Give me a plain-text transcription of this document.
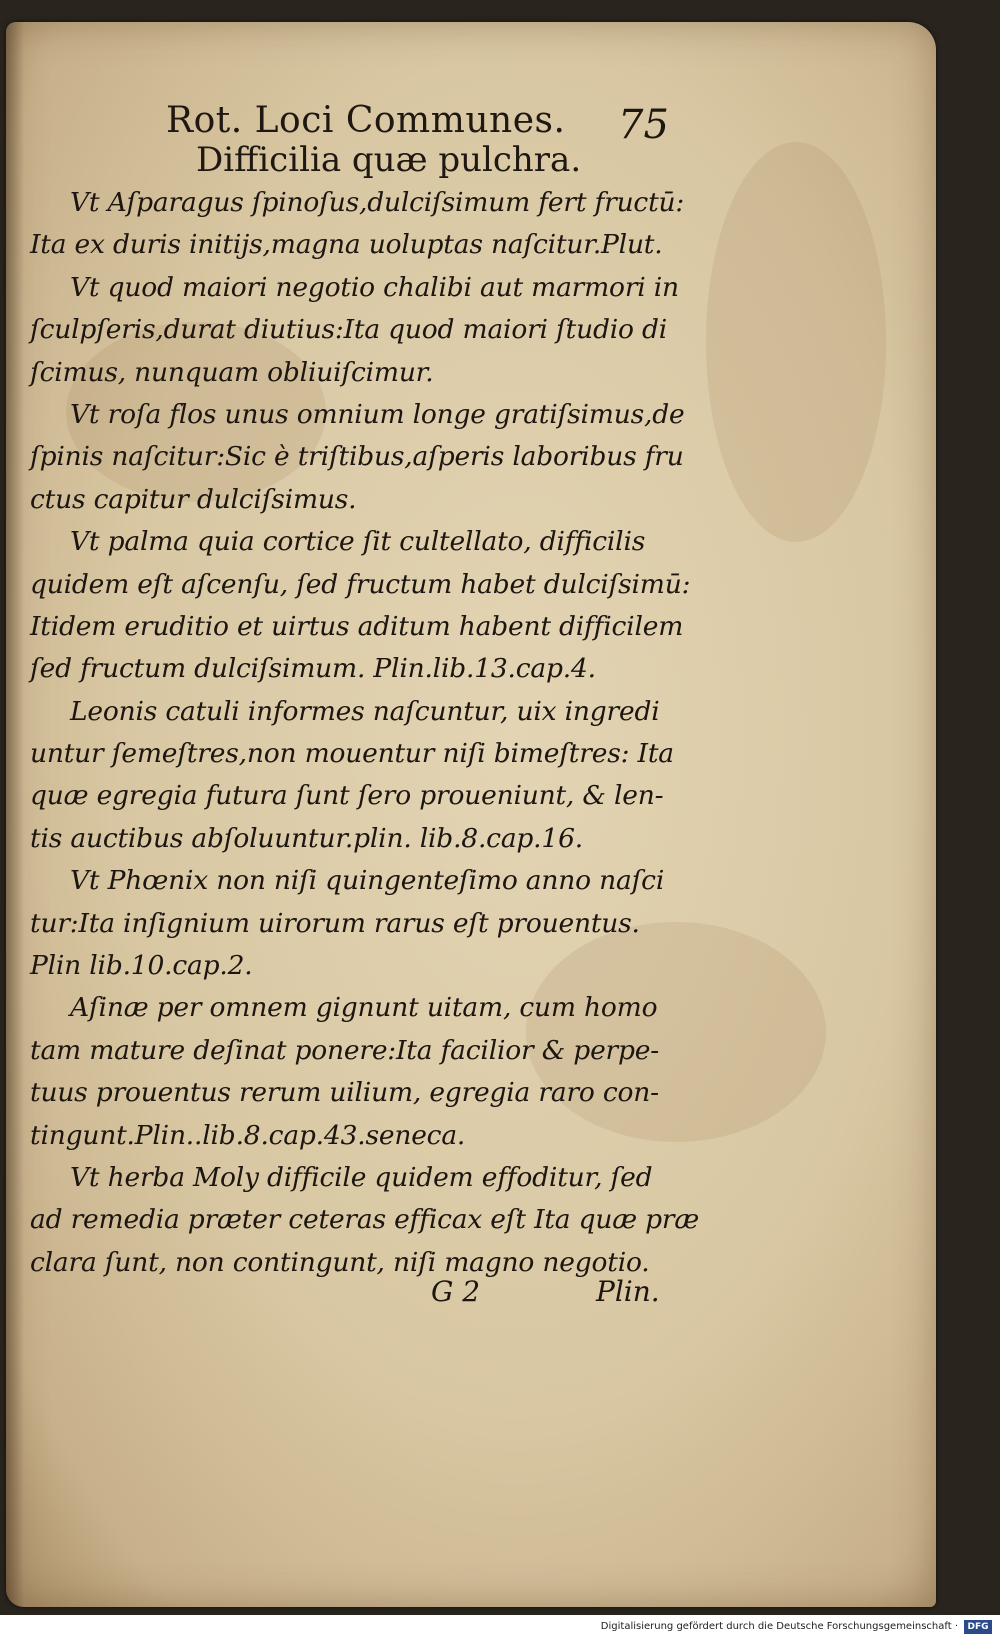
Rot. Loci Communes.
Difficilia quæ pulchra.
75
Vt Aſparagus ſpinoſus,dulciſsimum fert fructū:
Ita ex duris initijs,magna uoluptas naſcitur.Plut.
Vt quod maiori negotio chalibi aut marmori in
ſculpſeris,durat diutius:Ita quod maiori ſtudio di
ſcimus, nunquam obliuiſcimur.
Vt roſa flos unus omnium longe gratiſsimus,de
ſpinis naſcitur:Sic è triſtibus,aſperis laboribus fru
ctus capitur dulciſsimus.
Vt palma quia cortice ſit cultellato, difficilis
quidem eſt aſcenſu, ſed fructum habet dulciſsimū:
Itidem eruditio et uirtus aditum habent difficilem
ſed fructum dulciſsimum. Plin.lib.13.cap.4.
Leonis catuli informes naſcuntur, uix ingredi
untur ſemeſtres,non mouentur niſi bimeſtres: Ita
quæ egregia futura ſunt ſero proueniunt, & len-
tis auctibus abſoluuntur.plin. lib.8.cap.16.
Vt Phœnix non niſi quingenteſimo anno naſci
tur:Ita inſignium uirorum rarus eſt prouentus.
Plin lib.10.cap.2.
Aſinæ per omnem gignunt uitam, cum homo
tam mature deſinat ponere:Ita facilior & perpe-
tuus prouentus rerum uilium, egregia raro con-
tingunt.Plin..lib.8.cap.43.seneca.
Vt herba Moly difficile quidem effoditur, ſed
ad remedia præter ceteras efficax eſt Ita quæ præ
clara ſunt, non contingunt, niſi magno negotio.
G 2	Plin.
Digitalisierung gefördert durch die Deutsche Forschungsgemeinschaft ·	DFG
